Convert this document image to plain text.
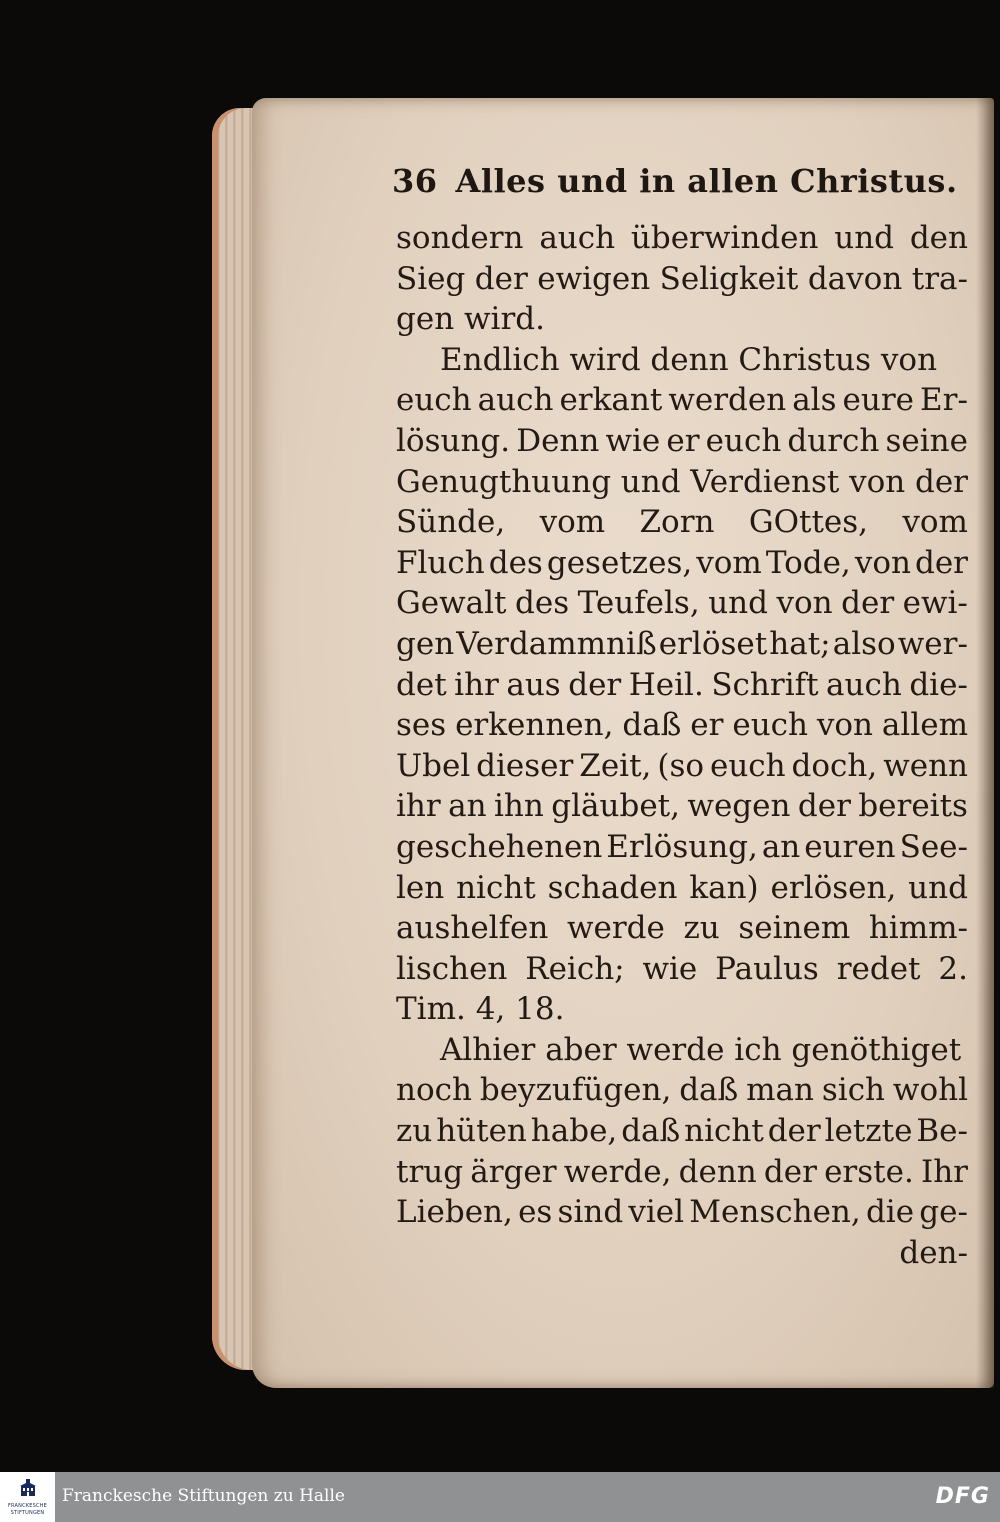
36 Alles und in allen Christus.
sondern auch überwinden und den
Sieg der ewigen Seligkeit davon tra-
gen wird.
Endlich wird denn Christus von
euch auch erkant werden als eure Er-
lösung. Denn wie er euch durch seine
Genugthuung und Verdienst von der
Sünde, vom Zorn GOttes, vom
Fluch des gesetzes, vom Tode, von der
Gewalt des Teufels, und von der ewi-
gen Verdammniß erlöset hat; also wer-
det ihr aus der Heil. Schrift auch die-
ses erkennen, daß er euch von allem
Ubel dieser Zeit, (so euch doch, wenn
ihr an ihn gläubet, wegen der bereits
geschehenen Erlösung, an euren See-
len nicht schaden kan) erlösen, und
aushelfen werde zu seinem himm-
lischen Reich; wie Paulus redet 2.
Tim. 4, 18.
Alhier aber werde ich genöthiget
noch beyzufügen, daß man sich wohl
zu hüten habe, daß nicht der letzte Be-
trug ärger werde, denn der erste. Ihr
Lieben, es sind viel Menschen, die ge-
den-
FRANCKESCHE
STIFTUNGEN
Franckesche Stiftungen zu Halle	DFG
